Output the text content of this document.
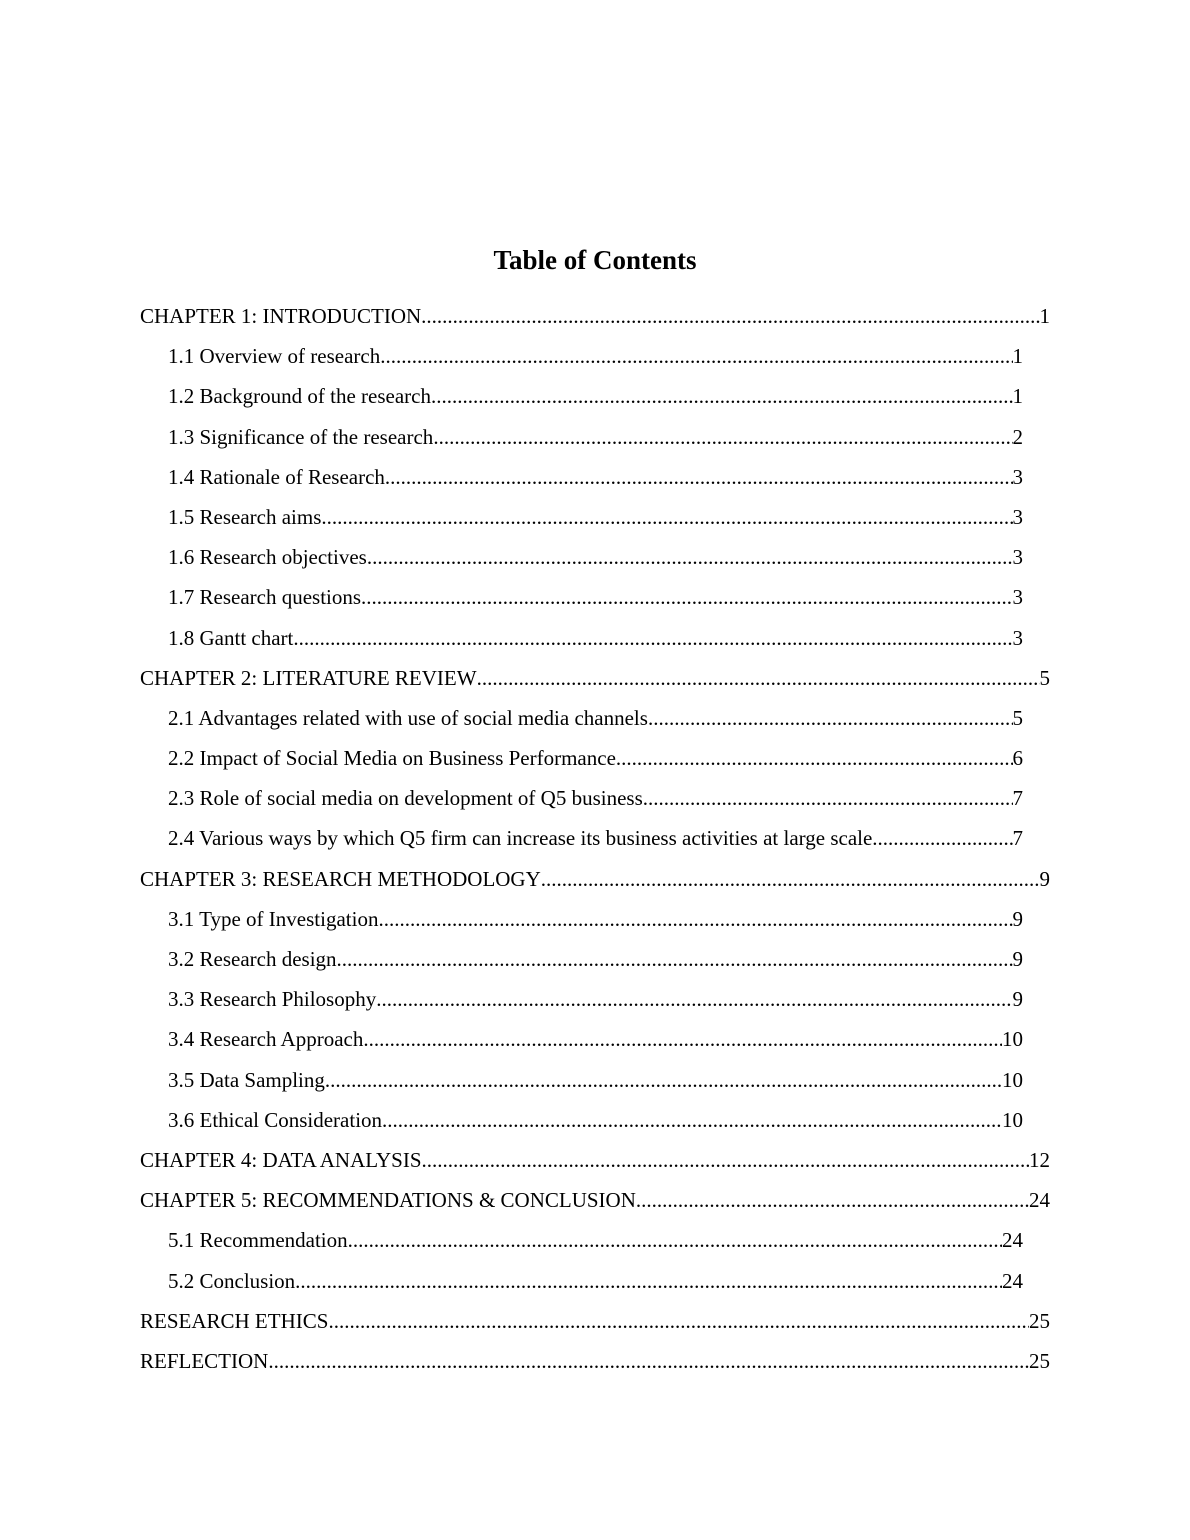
Table of Contents
CHAPTER 1: INTRODUCTION .....	1
1.1 Overview of research .....	1
1.2 Background of the research .....	1
1.3 Significance of the research .....	2
1.4 Rationale of Research .....	3
1.5 Research aims .....	3
1.6 Research objectives .....	3
1.7 Research questions .....	3
1.8 Gantt chart .....	3
CHAPTER 2: LITERATURE REVIEW .....	5
2.1 Advantages related with use of social media channels .....	5
2.2 Impact of Social Media on Business Performance .....	6
2.3 Role of social media on development of Q5 business .....	7
2.4 Various ways by which Q5 firm can increase its business activities at large scale .....	7
CHAPTER 3: RESEARCH METHODOLOGY .....	9
3.1 Type of Investigation .....	9
3.2 Research design .....	9
3.3 Research Philosophy .....	9
3.4 Research Approach .....	10
3.5 Data Sampling .....	10
3.6 Ethical Consideration .....	10
CHAPTER 4: DATA ANALYSIS .....	12
CHAPTER 5: RECOMMENDATIONS & CONCLUSION .....	24
5.1 Recommendation .....	24
5.2 Conclusion .....	24
RESEARCH ETHICS .....	25
REFLECTION .....	25
